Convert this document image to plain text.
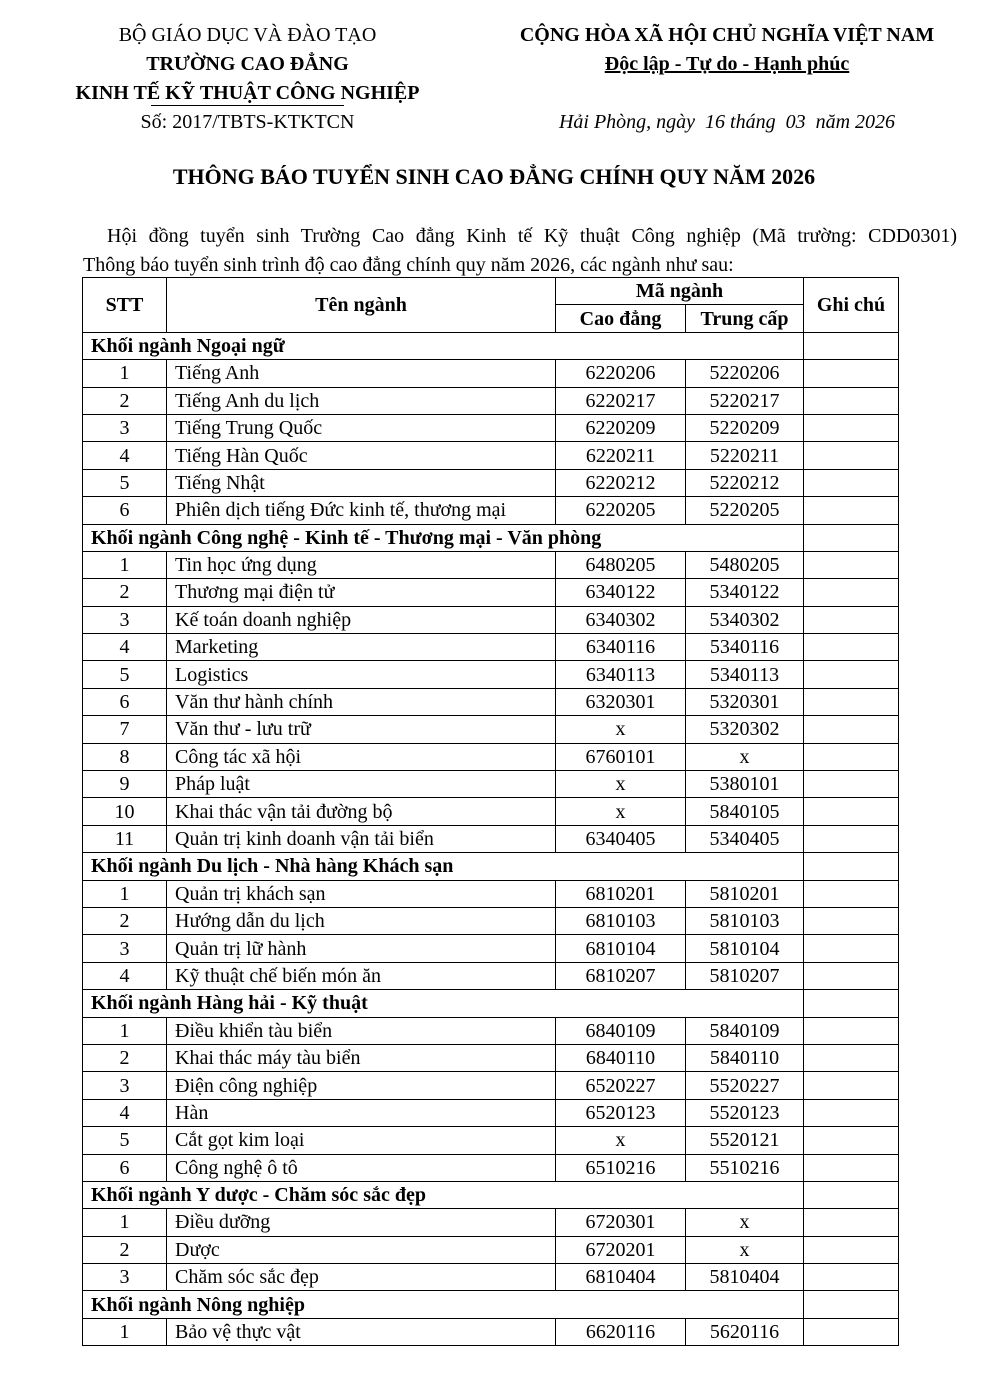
BỘ GIÁO DỤC VÀ ĐÀO TẠO
TRƯỜNG CAO ĐẲNG
KINH TẾ KỸ THUẬT CÔNG NGHIỆP
Số: 2017/TBTS-KTKTCN
CỘNG HÒA XÃ HỘI CHỦ NGHĨA VIỆT NAM
Độc lập - Tự do - Hạnh phúc

Hải Phòng, ngày  16 tháng  03  năm 2026
THÔNG BÁO TUYỂN SINH CAO ĐẲNG CHÍNH QUY NĂM 2026
Hội đồng tuyển sinh Trường Cao đẳng Kinh tế Kỹ thuật Công nghiệp (Mã trường: CDD0301)
Thông báo tuyển sinh trình độ cao đẳng chính quy năm 2026, các ngành như sau:
STT	Tên ngành	Mã ngành		Ghi chú
		Cao đẳng	Trung cấp	
Khối ngành Ngoại ngữ				
1	Tiếng Anh	6220206	5220206	
2	Tiếng Anh du lịch	6220217	5220217	
3	Tiếng Trung Quốc	6220209	5220209	
4	Tiếng Hàn Quốc	6220211	5220211	
5	Tiếng Nhật	6220212	5220212	
6	Phiên dịch tiếng Đức kinh tế, thương mại	6220205	5220205	
Khối ngành Công nghệ - Kinh tế - Thương mại - Văn phòng				
1	Tin học ứng dụng	6480205	5480205	
2	Thương mại điện tử	6340122	5340122	
3	Kế toán doanh nghiệp	6340302	5340302	
4	Marketing	6340116	5340116	
5	Logistics	6340113	5340113	
6	Văn thư hành chính	6320301	5320301	
7	Văn thư - lưu trữ	x	5320302	
8	Công tác xã hội	6760101	x	
9	Pháp luật	x	5380101	
10	Khai thác vận tải đường bộ	x	5840105	
11	Quản trị kinh doanh vận tải biển	6340405	5340405	
Khối ngành Du lịch - Nhà hàng Khách sạn				
1	Quản trị khách sạn	6810201	5810201	
2	Hướng dẫn du lịch	6810103	5810103	
3	Quản trị lữ hành	6810104	5810104	
4	Kỹ thuật chế biến món ăn	6810207	5810207	
Khối ngành Hàng hải - Kỹ thuật				
1	Điều khiển tàu biển	6840109	5840109	
2	Khai thác máy tàu biển	6840110	5840110	
3	Điện công nghiệp	6520227	5520227	
4	Hàn	6520123	5520123	
5	Cắt gọt kim loại	x	5520121	
6	Công nghệ ô tô	6510216	5510216	
Khối ngành Y dược - Chăm sóc sắc đẹp				
1	Điều dưỡng	6720301	x	
2	Dược	6720201	x	
3	Chăm sóc sắc đẹp	6810404	5810404	
Khối ngành Nông nghiệp				
1	Bảo vệ thực vật	6620116	5620116	
